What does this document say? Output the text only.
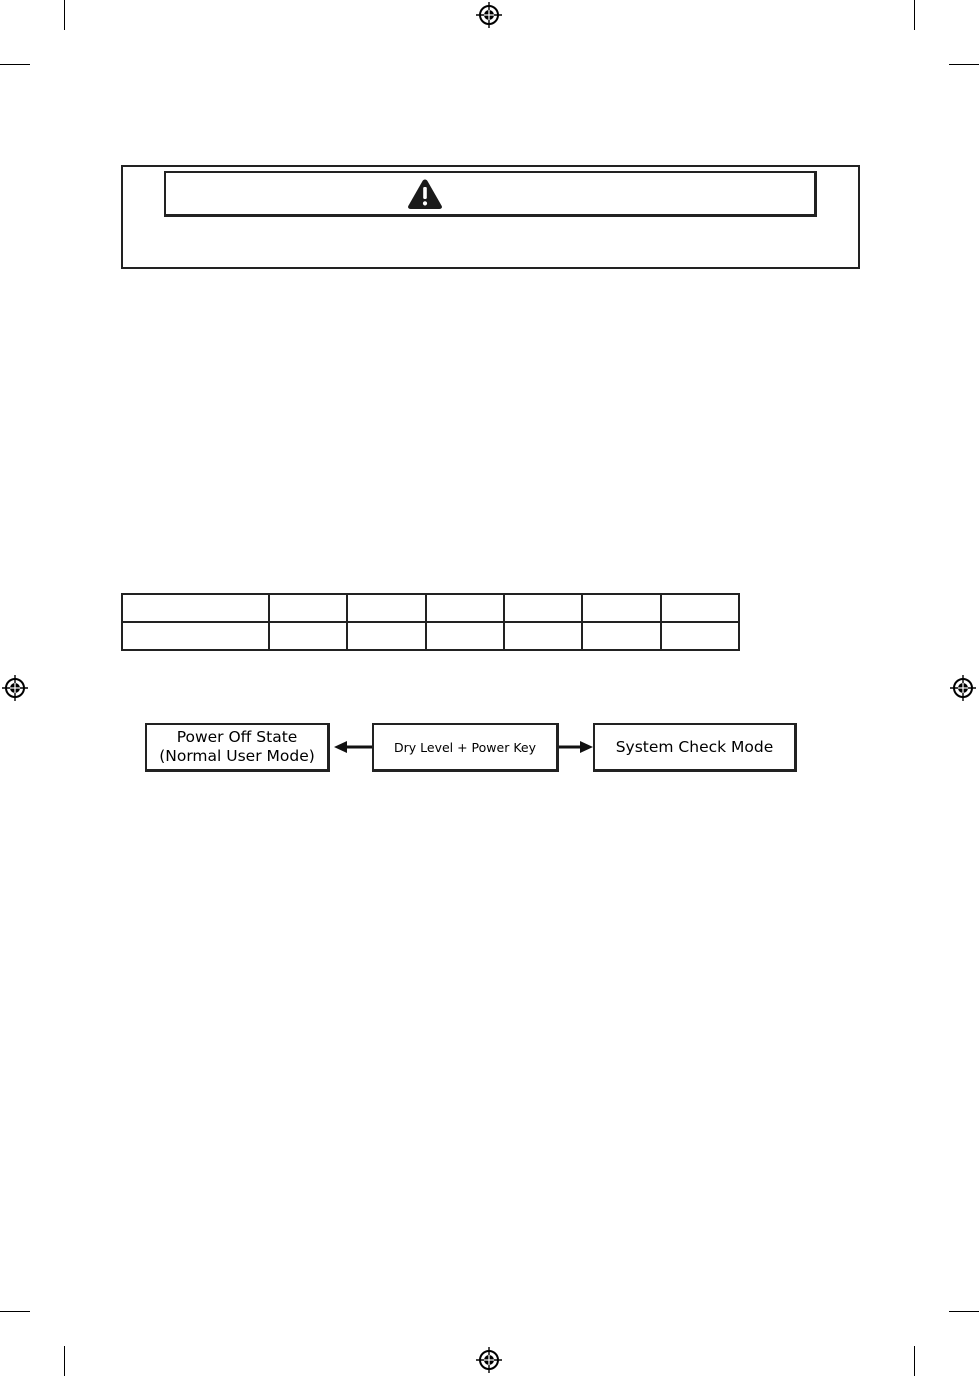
Power Off State
(Normal User Mode)	Dry Level + Power Key	System Check Mode
